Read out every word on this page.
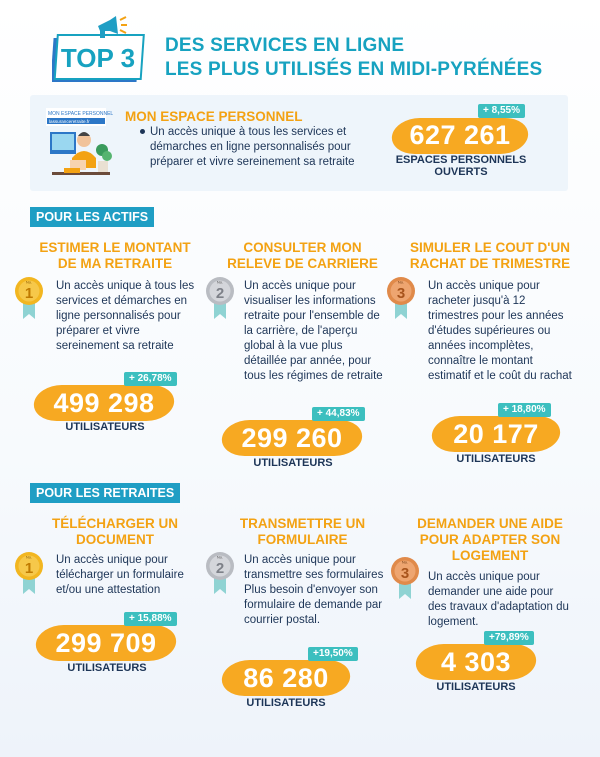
TOP 3 DES SERVICES EN LIGNE
LES PLUS UTILISÉS EN MIDI-PYRÉNÉES
MON ESPACE PERSONNEL
lassuranceretraite.fr	MON ESPACE PERSONNEL
Un accès unique à tous les services et démarches en ligne personnalisés pour préparer et vivre sereinement sa retraite
627 261
+ 8,55%
ESPACES PERSONNELS
OUVERTS
POUR LES ACTIFS
ESTIMER LE MONTANT
DE MA RETRAITE
No.
1 Un accès unique à tous les services et démarches en ligne personnalisés pour préparer et vivre sereinement sa retraite
499 298
+ 26,78%
UTILISATEURS
CONSULTER MON
RELEVE DE CARRIERE
No.
2 Un accès unique pour visualiser les informations retraite pour l'ensemble de la carrière, de l'aperçu global à la vue plus détaillée par année, pour tous les régimes de retraite
299 260
+ 44,83%
UTILISATEURS
SIMULER LE COUT D'UN
RACHAT DE TRIMESTRE
No.
3 Un accès unique pour racheter jusqu'à 12 trimestres pour les années d'études supérieures ou années incomplètes, connaître le montant estimatif et le coût du rachat
20 177
+ 18,80%
UTILISATEURS
POUR LES RETRAITES
TÉLÉCHARGER UN
DOCUMENT
No.
1 Un accès unique pour télécharger un formulaire et/ou une attestation
299 709
+ 15,88%
UTILISATEURS
TRANSMETTRE UN
FORMULAIRE
No.
2 Un accès unique pour transmettre ses formulaires Plus besoin d'envoyer son formulaire de demande par courrier postal.
86 280
+19,50%
UTILISATEURS
DEMANDER UNE AIDE
POUR ADAPTER SON
LOGEMENT
No.
3 Un accès unique pour demander une aide pour des travaux d'adaptation du logement.
4 303
+79,89%
UTILISATEURS
